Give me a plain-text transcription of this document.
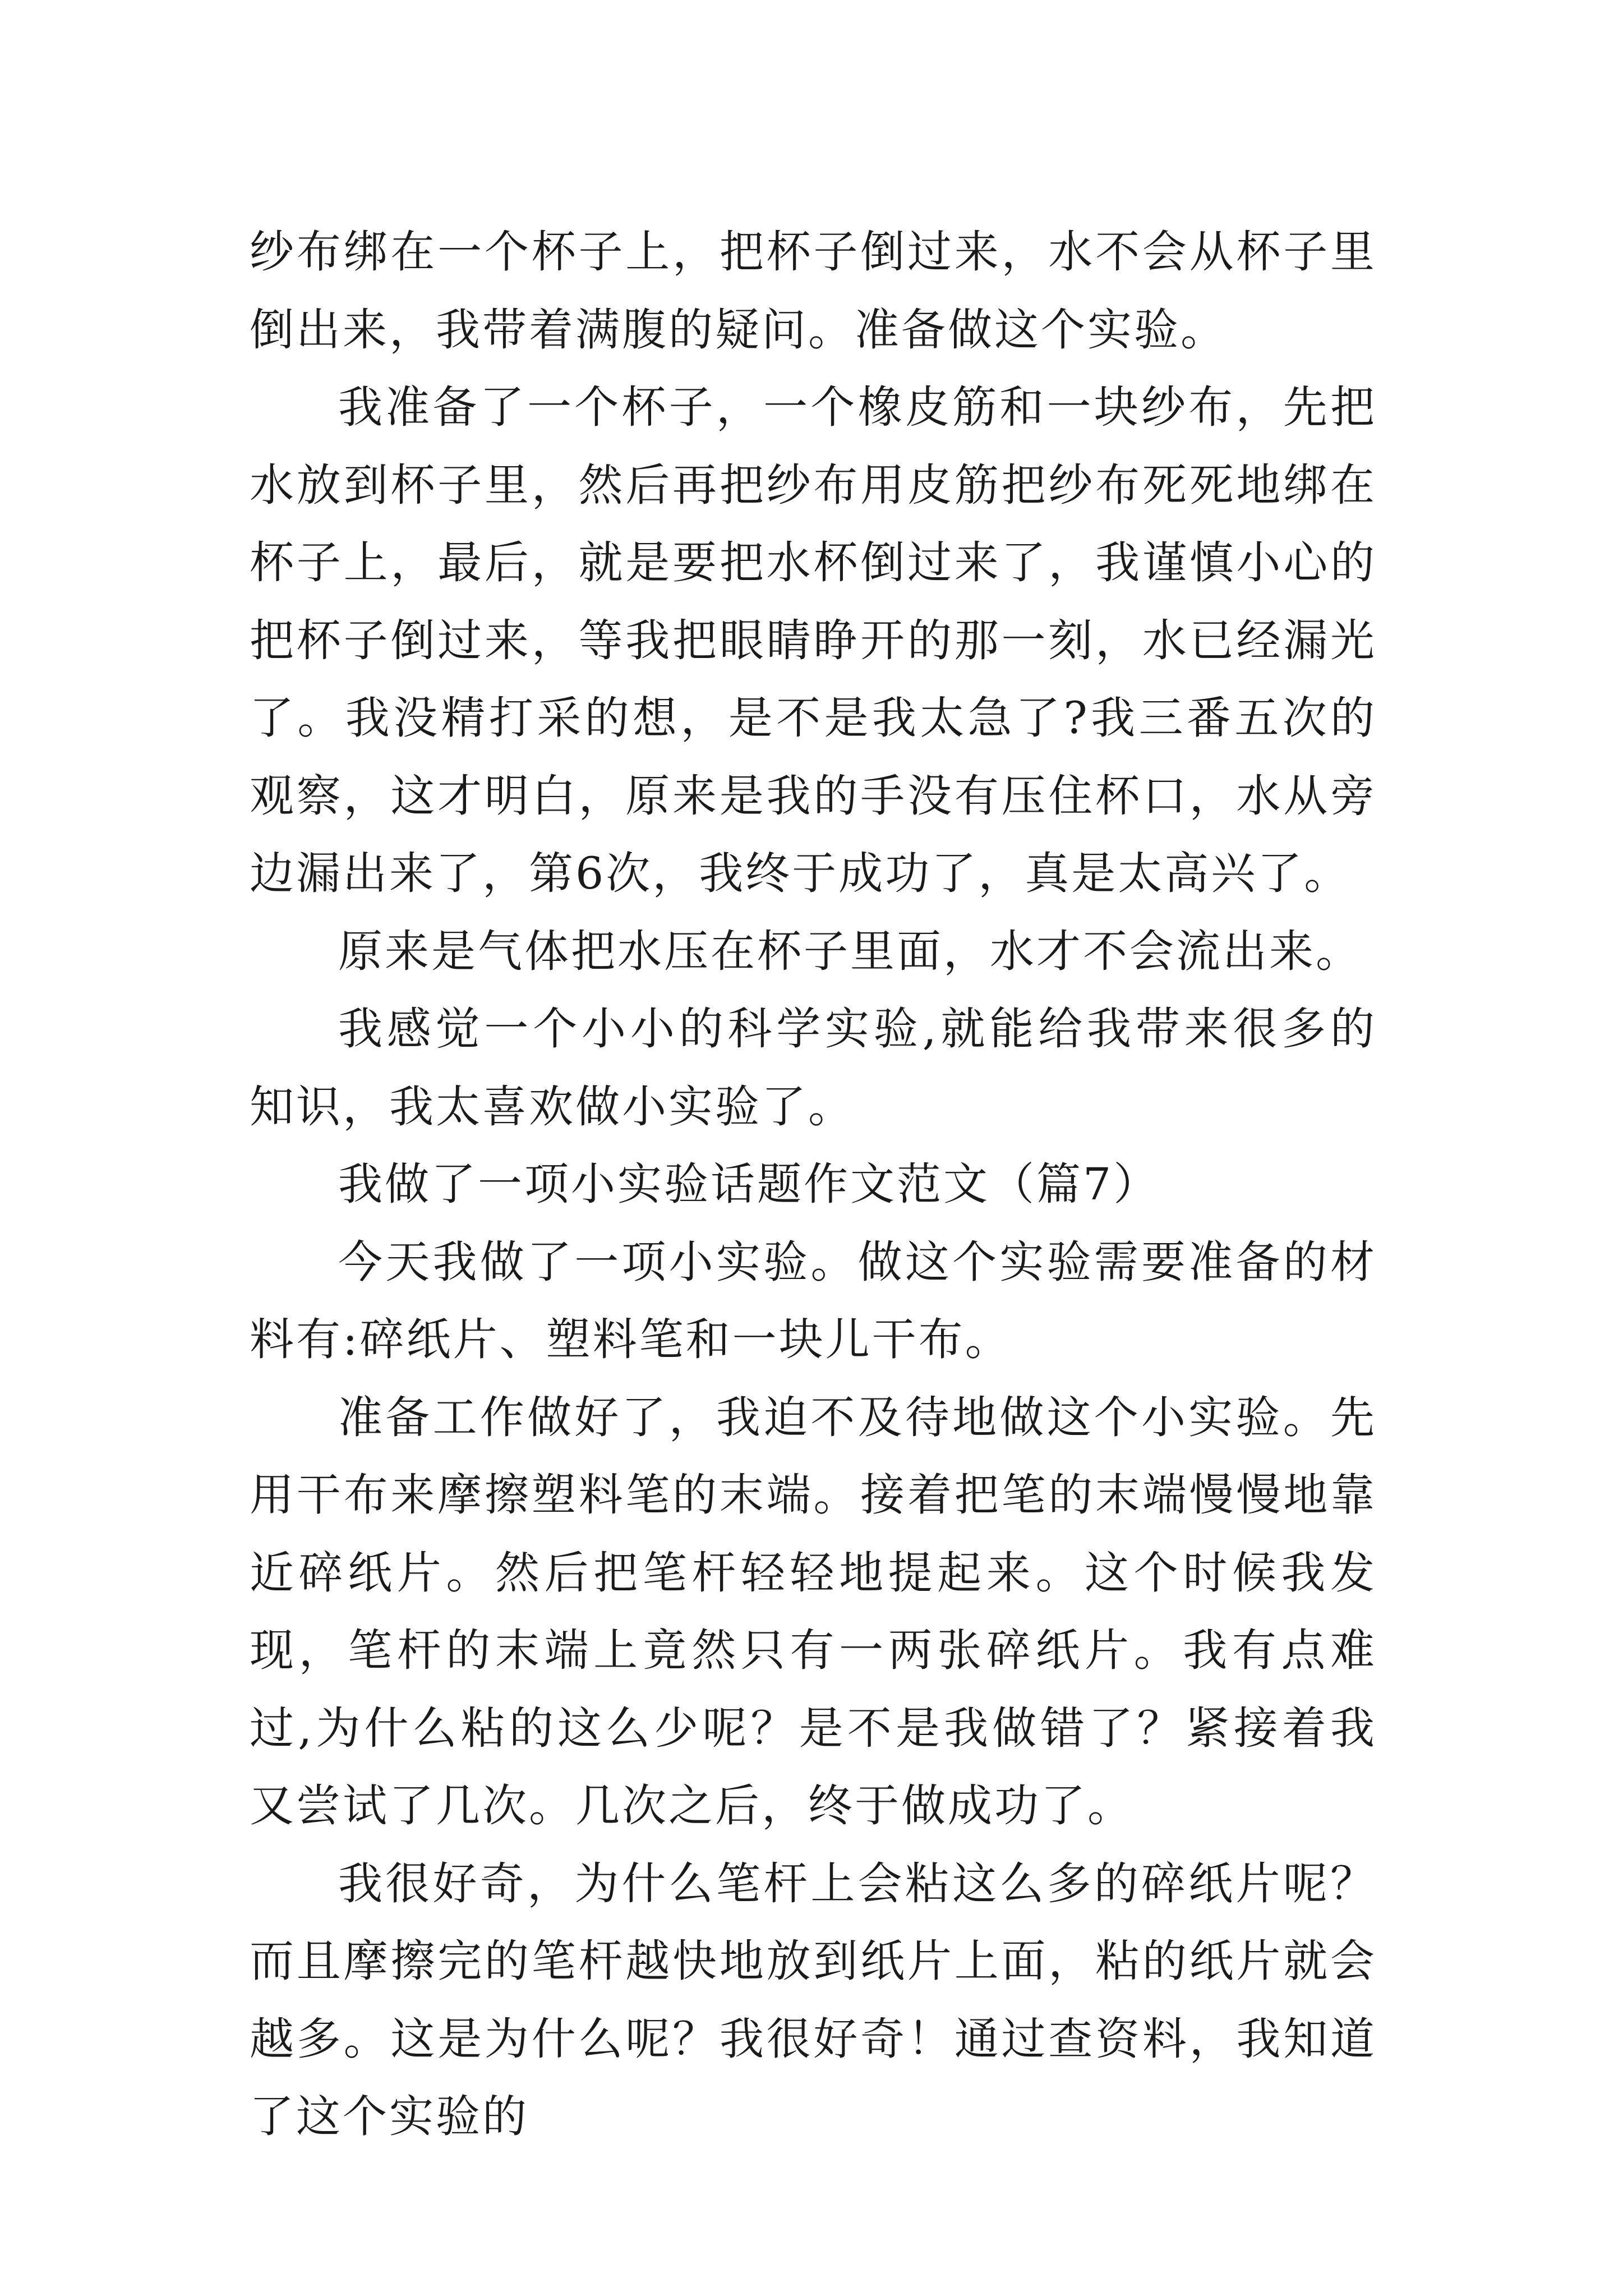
纱布绑在一个杯子上，把杯子倒过来，水不会从杯子里倒出来，我带着满腹的疑问。准备做这个实验。

我准备了一个杯子，一个橡皮筋和一块纱布，先把水放到杯子里，然后再把纱布用皮筋把纱布死死地绑在杯子上，最后，就是要把水杯倒过来了，我谨慎小心的把杯子倒过来，等我把眼睛睁开的那一刻，水已经漏光了。我没精打采的想，是不是我太急了?我三番五次的观察，这才明白，原来是我的手没有压住杯口，水从旁边漏出来了，第6次，我终于成功了，真是太高兴了。

原来是气体把水压在杯子里面，水才不会流出来。

我感觉一个小小的科学实验,就能给我带来很多的知识，我太喜欢做小实验了。

我做了一项小实验话题作文范文（篇7）

今天我做了一项小实验。做这个实验需要准备的材料有:碎纸片、塑料笔和一块儿干布。

准备工作做好了，我迫不及待地做这个小实验。先用干布来摩擦塑料笔的末端。接着把笔的末端慢慢地靠近碎纸片。然后把笔杆轻轻地提起来。这个时候我发现，笔杆的末端上竟然只有一两张碎纸片。我有点难过,为什么粘的这么少呢？是不是我做错了？紧接着我又尝试了几次。几次之后，终于做成功了。

我很好奇，为什么笔杆上会粘这么多的碎纸片呢？而且摩擦完的笔杆越快地放到纸片上面，粘的纸片就会越多。这是为什么呢？我很好奇！通过查资料，我知道了这个实验的
